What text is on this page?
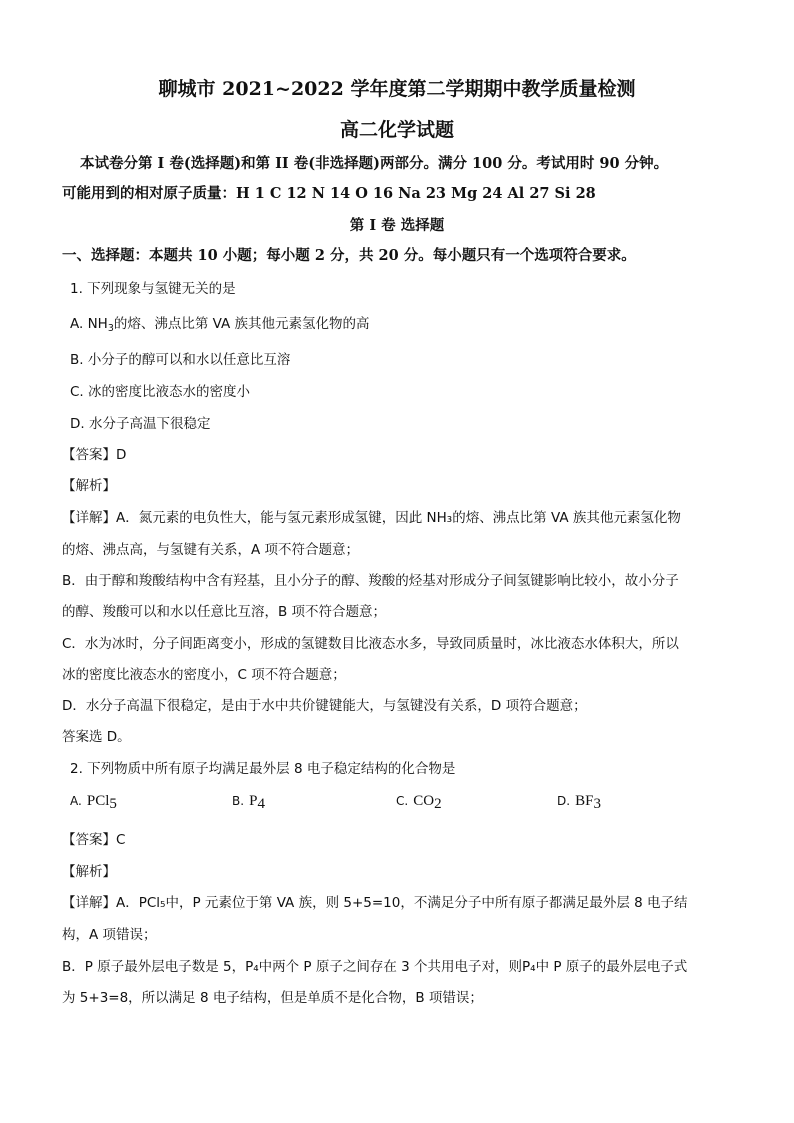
聊城市 2021~2022 学年度第二学期期中教学质量检测
高二化学试题
本试卷分第 I 卷(选择题)和第 II 卷(非选择题)两部分。满分 100 分。考试用时 90 分钟。
可能用到的相对原子质量：H 1 C 12 N 14 O 16 Na 23 Mg 24 Al 27 Si 28
第 I 卷 选择题
一、选择题：本题共 10 小题；每小题 2 分，共 20 分。每小题只有一个选项符合要求。
1. 下列现象与氢键无关的是
A. $NH_3$的熔、沸点比第 VA 族其他元素氢化物的高
B. 小分子的醇可以和水以任意比互溶
C. 冰的密度比液态水的密度小
D. 水分子高温下很稳定
【答案】D
【解析】
【详解】A．氮元素的电负性大，能与氢元素形成氢键，因此 NH₃的熔、沸点比第 VA 族其他元素氢化物
的熔、沸点高，与氢键有关系，A 项不符合题意；
B．由于醇和羧酸结构中含有羟基，且小分子的醇、羧酸的烃基对形成分子间氢键影响比较小，故小分子
的醇、羧酸可以和水以任意比互溶，B 项不符合题意；
C．水为冰时，分子间距离变小，形成的氢键数目比液态水多，导致同质量时，冰比液态水体积大，所以
冰的密度比液态水的密度小，C 项不符合题意；
D．水分子高温下很稳定，是由于水中共价键键能大，与氢键没有关系，D 项符合题意；
答案选 D。
2. 下列物质中所有原子均满足最外层 8 电子稳定结构的化合物是
A. PCl$_5$	B. $P_4$	C. $CO_2$	D. $BF_3$
【答案】C
【解析】
【详解】A．PCl₅中，P 元素位于第 VA 族，则 5+5=10，不满足分子中所有原子都满足最外层 8 电子结
构，A 项错误；
B．P 原子最外层电子数是 5，P₄中两个 P 原子之间存在 3 个共用电子对，则P₄中 P 原子的最外层电子式
为 5+3=8，所以满足 8 电子结构，但是单质不是化合物，B 项错误；
